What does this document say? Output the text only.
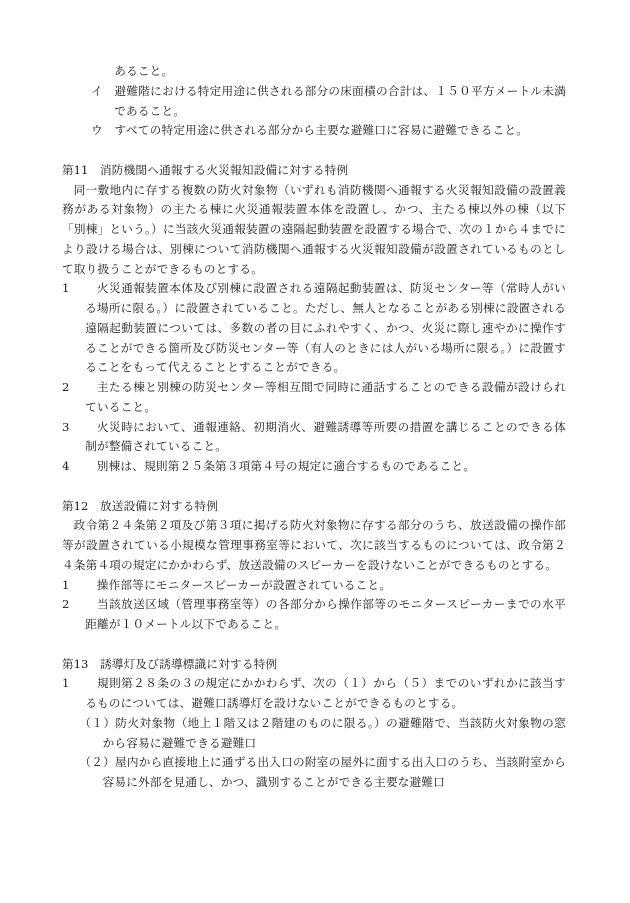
あること。

イ 避難階における特定用途に供される部分の床面積の合計は、１５０平方メートル未満であること。

ウ すべての特定用途に供される部分から主要な避難口に容易に避難できること。

第11 消防機関へ通報する火災報知設備に対する特例

同一敷地内に存する複数の防火対象物（いずれも消防機関へ通報する火災報知設備の設置義務がある対象物）の主たる棟に火災通報装置本体を設置し、かつ、主たる棟以外の棟（以下「別棟」という。）に当該火災通報装置の遠隔起動装置を設置する場合で、次の１から４までにより設ける場合は、別棟について消防機関へ通報する火災報知設備が設置されているものとして取り扱うことができるものとする。

1 火災通報装置本体及び別棟に設置される遠隔起動装置は、防災センター等（常時人がいる場所に限る。）に設置されていること。ただし、無人となることがある別棟に設置される遠隔起動装置については、多数の者の目にふれやすく、かつ、火災に際し速やかに操作することができる箇所及び防災センター等（有人のときには人がいる場所に限る。）に設置することをもって代えることとすることができる。

2 主たる棟と別棟の防災センター等相互間で同時に通話することのできる設備が設けられていること。

3 火災時において、通報連絡、初期消火、避難誘導等所要の措置を講じることのできる体制が整備されていること。

4 別棟は、規則第２５条第３項第４号の規定に適合するものであること。

第12 放送設備に対する特例

政令第２４条第２項及び第３項に掲げる防火対象物に存する部分のうち、放送設備の操作部等が設置されている小規模な管理事務室等において、次に該当するものについては、政令第２４条第４項の規定にかかわらず、放送設備のスピーカーを設けないことができるものとする。

1 操作部等にモニタースピーカーが設置されていること。

2 当該放送区域（管理事務室等）の各部分から操作部等のモニタースピーカーまでの水平距離が１０メートル以下であること。

第13 誘導灯及び誘導標識に対する特例

1 規則第２８条の３の規定にかかわらず、次の（１）から（５）までのいずれかに該当するものについては、避難口誘導灯を設けないことができるものとする。

（１）防火対象物（地上１階又は２階建のものに限る。）の避難階で、当該防火対象物の窓から容易に避難できる避難口

（２）屋内から直接地上に通ずる出入口の附室の屋外に面する出入口のうち、当該附室から容易に外部を見通し、かつ、識別することができる主要な避難口
